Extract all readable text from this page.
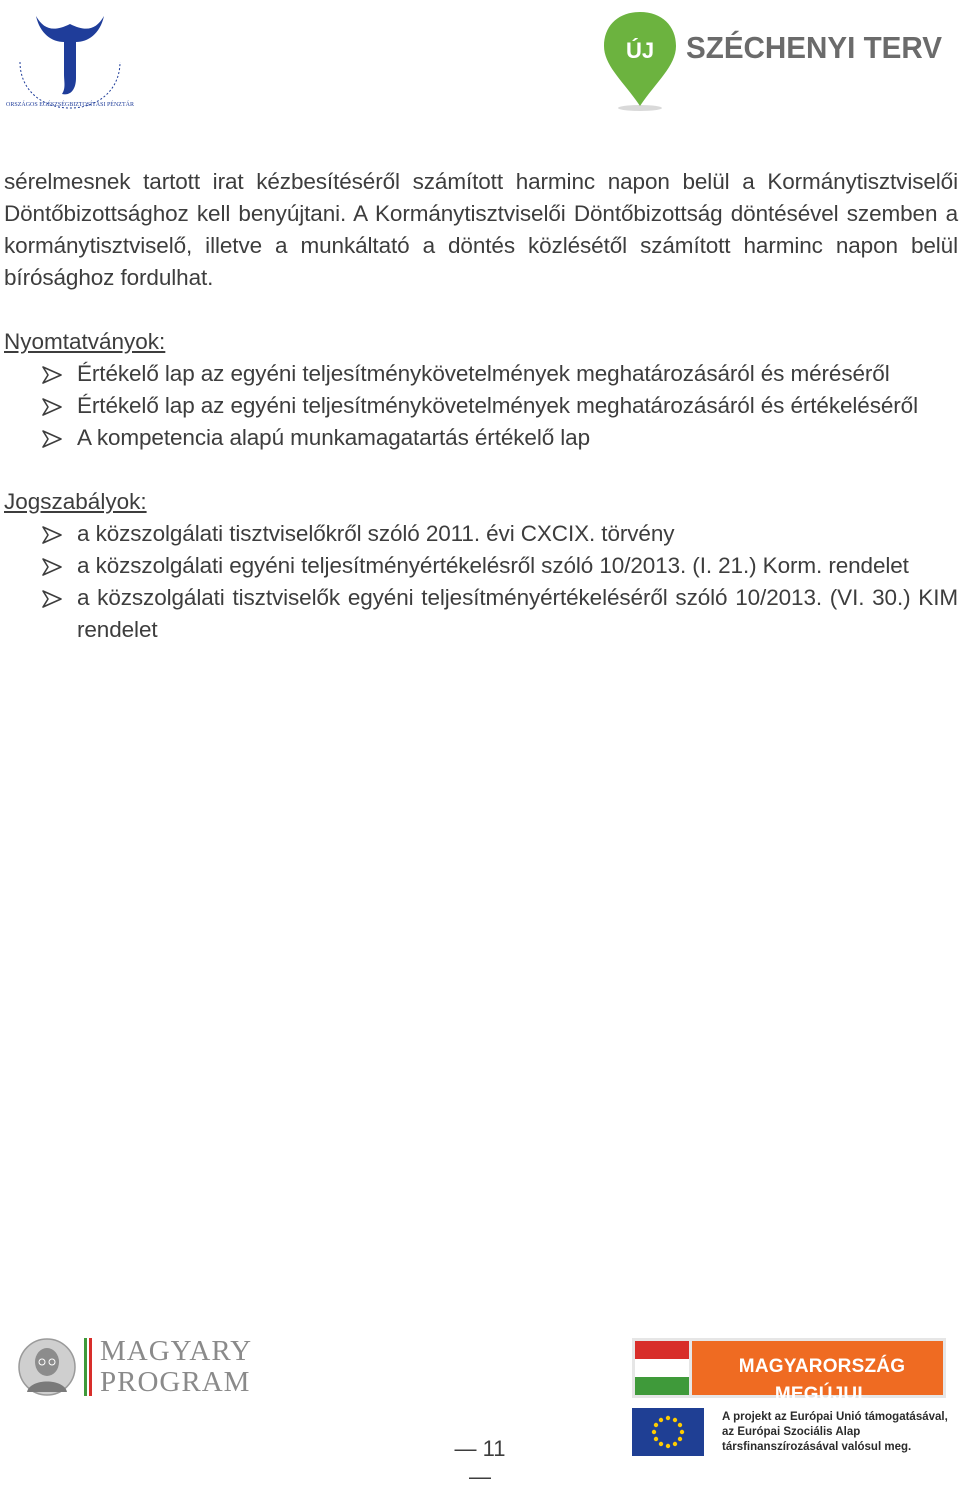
ORSZÁGOS EGÉSZSÉGBIZTOSÍTÁSI PÉNZTÁR
ÚJ SZÉCHENYI TERV

sérelmesnek tartott irat kézbesítéséről számított harminc napon belül a Kormánytisztviselői Döntőbizottsághoz kell benyújtani. A Kormánytisztviselői Döntőbizottság döntésével szemben a kormánytisztviselő, illetve a munkáltató a döntés közlésétől számított harminc napon belül bírósághoz fordulhat.

Nyomtatványok:

Értékelő lap az egyéni teljesítménykövetelmények meghatározásáról és méréséről
Értékelő lap az egyéni teljesítménykövetelmények meghatározásáról és értékeléséről
A kompetencia alapú munkamagatartás értékelő lap

Jogszabályok:

a közszolgálati tisztviselőkről szóló 2011. évi CXCIX. törvény
a közszolgálati egyéni teljesítményértékelésről szóló 10/2013. (I. 21.) Korm. rendelet
a közszolgálati tisztviselők egyéni teljesítményértékeléséről szóló 10/2013. (VI. 30.) KIM rendelet
MAGYARY
PROGRAM	MAGYARORSZÁG MEGÚJUL
A projekt az Európai Unió támogatásával,
az Európai Szociális Alap
társfinanszírozásával valósul meg.
— 11 —
